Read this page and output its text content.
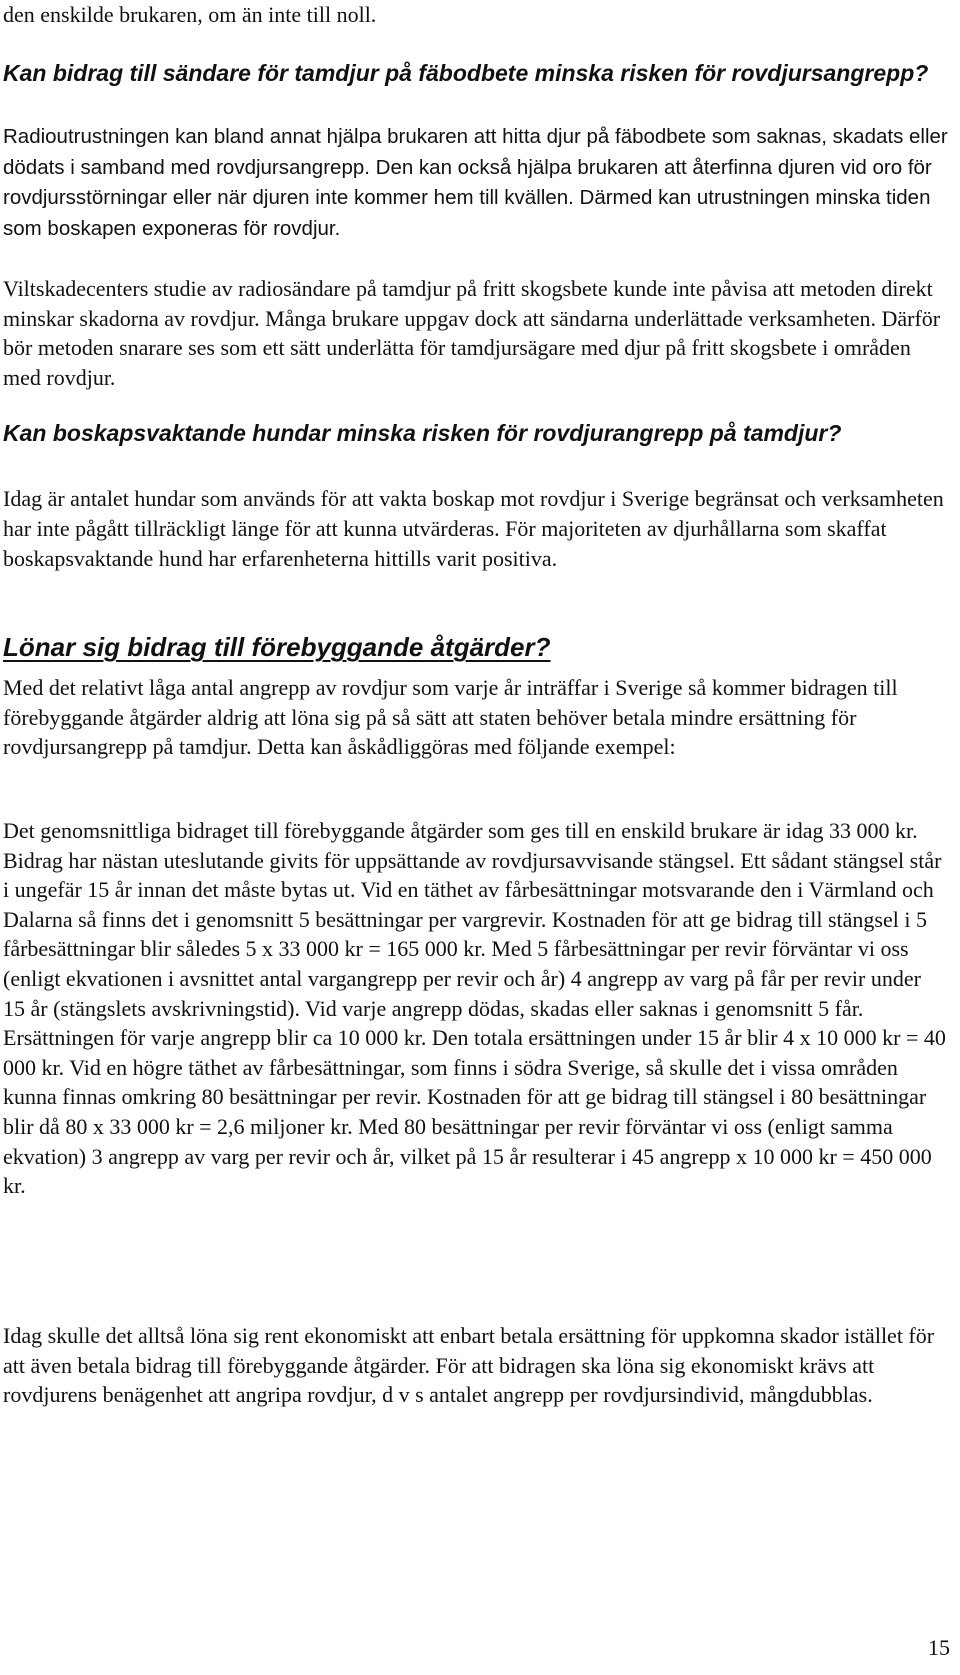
den enskilde brukaren, om än inte till noll.

Kan bidrag till sändare för tamdjur på fäbodbete minska risken för rovdjursangrepp?

Radioutrustningen kan bland annat hjälpa brukaren att hitta djur på fäbodbete som saknas, skadats eller dödats i samband med rovdjursangrepp. Den kan också hjälpa brukaren att återfinna djuren vid oro för rovdjursstörningar eller när djuren inte kommer hem till kvällen. Därmed kan utrustningen minska tiden som boskapen exponeras för rovdjur.

Viltskadecenters studie av radiosändare på tamdjur på fritt skogsbete kunde inte påvisa att metoden direkt minskar skadorna av rovdjur. Många brukare uppgav dock att sändarna underlättade verksamheten. Därför bör metoden snarare ses som ett sätt underlätta för tamdjursägare med djur på fritt skogsbete i områden med rovdjur.

Kan boskapsvaktande hundar minska risken för rovdjurangrepp på tamdjur?

Idag är antalet hundar som används för att vakta boskap mot rovdjur i Sverige begränsat och verksamheten har inte pågått tillräckligt länge för att kunna utvärderas. För majoriteten av djurhållarna som skaffat boskapsvaktande hund har erfarenheterna hittills varit positiva.

Lönar sig bidrag till förebyggande åtgärder?

Med det relativt låga antal angrepp av rovdjur som varje år inträffar i Sverige så kommer bidragen till förebyggande åtgärder aldrig att löna sig på så sätt att staten behöver betala mindre ersättning för rovdjursangrepp på tamdjur. Detta kan åskådliggöras med följande exempel:

Det genomsnittliga bidraget till förebyggande åtgärder som ges till en enskild brukare är idag 33 000 kr. Bidrag har nästan uteslutande givits för uppsättande av rovdjursavvisande stängsel. Ett sådant stängsel står i ungefär 15 år innan det måste bytas ut. Vid en täthet av fårbesättningar motsvarande den i Värmland och Dalarna så finns det i genomsnitt 5 besättningar per vargrevir. Kostnaden för att ge bidrag till stängsel i 5 fårbesättningar blir således 5 x 33 000 kr = 165 000 kr. Med 5 fårbesättningar per revir förväntar vi oss (enligt ekvationen i avsnittet antal vargangrepp per revir och år) 4 angrepp av varg på får per revir under 15 år (stängslets avskrivningstid). Vid varje angrepp dödas, skadas eller saknas i genomsnitt 5 får. Ersättningen för varje angrepp blir ca 10 000 kr. Den totala ersättningen under 15 år blir 4 x 10 000 kr = 40 000 kr. Vid en högre täthet av fårbesättningar, som finns i södra Sverige, så skulle det i vissa områden kunna finnas omkring 80 besättningar per revir. Kostnaden för att ge bidrag till stängsel i 80 besättningar blir då 80 x 33 000 kr = 2,6 miljoner kr. Med 80 besättningar per revir förväntar vi oss (enligt samma ekvation) 3 angrepp av varg per revir och år, vilket på 15 år resulterar i 45 angrepp x 10 000 kr = 450 000 kr.

Idag skulle det alltså löna sig rent ekonomiskt att enbart betala ersättning för uppkomna skador istället för att även betala bidrag till förebyggande åtgärder. För att bidragen ska löna sig ekonomiskt krävs att rovdjurens benägenhet att angripa rovdjur, d v s antalet angrepp per rovdjursindivid, mångdubblas.

15
